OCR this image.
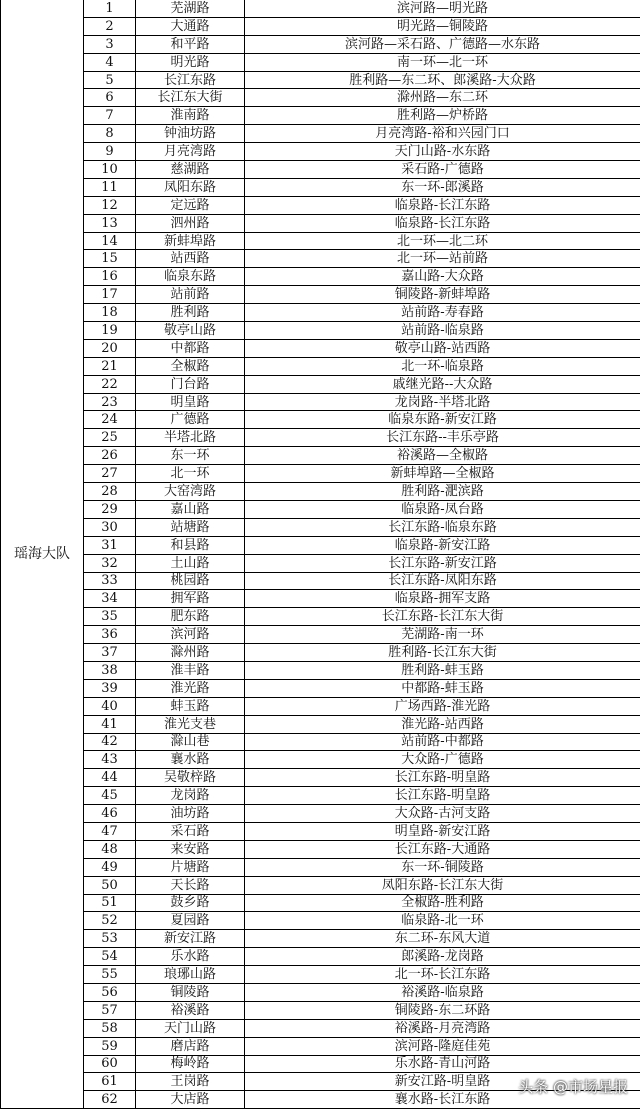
瑶海大队	1	芜湖路	滨河路—明光路
	2	大通路	明光路—铜陵路
	3	和平路	滨河路—采石路、广德路—水东路
	4	明光路	南一环—北一环
	5	长江东路	胜利路—东二环、郎溪路-大众路
	6	长江东大街	滁州路—东二环
	7	淮南路	胜利路—炉桥路
	8	钟油坊路	月亮湾路-裕和兴园门口
	9	月亮湾路	天门山路-水东路
	10	慈湖路	采石路-广德路
	11	凤阳东路	东一环-郎溪路
	12	定远路	临泉路-长江东路
	13	泗州路	临泉路-长江东路
	14	新蚌埠路	北一环—北二环
	15	站西路	北一环—站前路
	16	临泉东路	嘉山路-大众路
	17	站前路	铜陵路-新蚌埠路
	18	胜利路	站前路-寿春路
	19	敬亭山路	站前路-临泉路
	20	中都路	敬亭山路-站西路
	21	全椒路	北一环-临泉路
	22	门台路	戚继光路--大众路
	23	明皇路	龙岗路-半塔北路
	24	广德路	临泉东路-新安江路
	25	半塔北路	长江东路--丰乐亭路
	26	东一环	裕溪路—全椒路
	27	北一环	新蚌埠路—全椒路
	28	大窑湾路	胜利路-淝滨路
	29	嘉山路	临泉路-凤台路
	30	站塘路	长江东路-临泉东路
	31	和县路	临泉路-新安江路
	32	土山路	长江东路-新安江路
	33	桃园路	长江东路-凤阳东路
	34	拥军路	临泉路-拥军支路
	35	肥东路	长江东路-长江东大街
	36	滨河路	芜湖路-南一环
	37	滁州路	胜利路-长江东大街
	38	淮丰路	胜利路-蚌玉路
	39	淮光路	中都路-蚌玉路
	40	蚌玉路	广场西路-淮光路
	41	淮光支巷	淮光路-站西路
	42	滁山巷	站前路-中都路
	43	襄水路	大众路-广德路
	44	吴敬梓路	长江东路-明皇路
	45	龙岗路	长江东路-明皇路
	46	油坊路	大众路-古河支路
	47	采石路	明皇路-新安江路
	48	来安路	长江东路-大通路
	49	片塘路	东一环-铜陵路
	50	天长路	凤阳东路-长江东大街
	51	鼓乡路	全椒路-胜利路
	52	夏园路	临泉路-北一环
	53	新安江路	东二环-东风大道
	54	乐水路	郎溪路-龙岗路
	55	琅琊山路	北一环-长江东路
	56	铜陵路	裕溪路-临泉路
	57	裕溪路	铜陵路-东二环路
	58	天门山路	裕溪路-月亮湾路
	59	磨店路	滨河路-隆庭佳苑
	60	梅岭路	乐水路-青山河路
	61	王岗路	新安江路-明皇路
	62	大店路	襄水路-长江东路
头条 @市场星报
